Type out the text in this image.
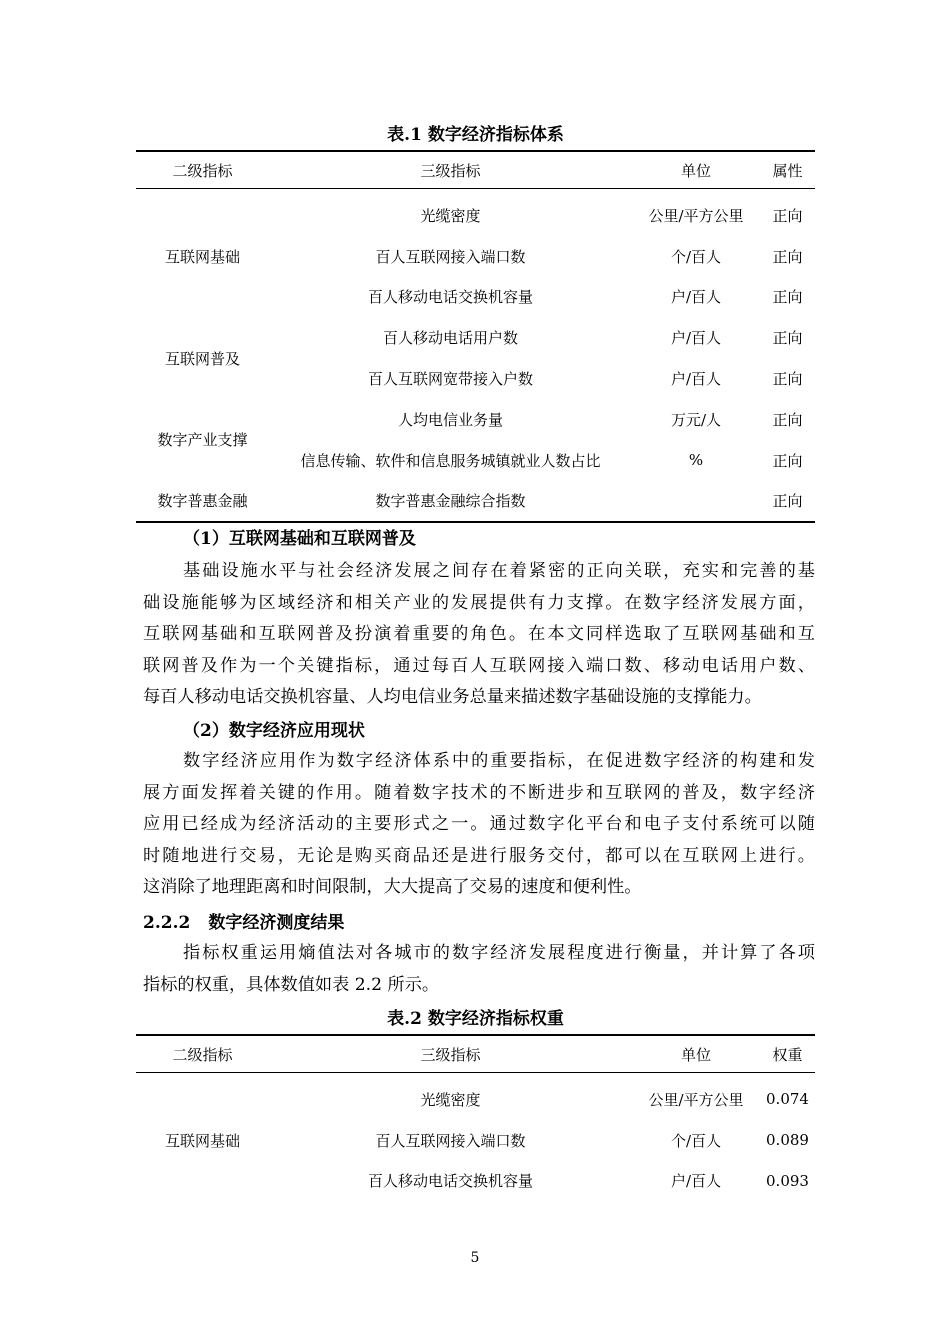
表.1 数字经济指标体系
二级指标	三级指标	单位	属性
互联网基础	光缆密度	公里/平方公里	正向
	百人互联网接入端口数	个/百人	正向
	百人移动电话交换机容量	户/百人	正向
互联网普及	百人移动电话用户数	户/百人	正向
	百人互联网宽带接入户数	户/百人	正向
数字产业支撑	人均电信业务量	万元/人	正向
	信息传输、软件和信息服务城镇就业人数占比	%	正向
数字普惠金融	数字普惠金融综合指数		正向
（1）互联网基础和互联网普及
基础设施水平与社会经济发展之间存在着紧密的正向关联，充实和完善的基
础设施能够为区域经济和相关产业的发展提供有力支撑。在数字经济发展方面，
互联网基础和互联网普及扮演着重要的角色。在本文同样选取了互联网基础和互
联网普及作为一个关键指标，通过每百人互联网接入端口数、移动电话用户数、
每百人移动电话交换机容量、人均电信业务总量来描述数字基础设施的支撑能力。
（2）数字经济应用现状
数字经济应用作为数字经济体系中的重要指标，在促进数字经济的构建和发
展方面发挥着关键的作用。随着数字技术的不断进步和互联网的普及，数字经济
应用已经成为经济活动的主要形式之一。通过数字化平台和电子支付系统可以随
时随地进行交易，无论是购买商品还是进行服务交付，都可以在互联网上进行。
这消除了地理距离和时间限制，大大提高了交易的速度和便利性。
2.2.2 数字经济测度结果
指标权重运用熵值法对各城市的数字经济发展程度进行衡量，并计算了各项
指标的权重，具体数值如表 2.2 所示。
表.2 数字经济指标权重
二级指标	三级指标	单位	权重
互联网基础	光缆密度	公里/平方公里	0.074
	百人互联网接入端口数	个/百人	0.089
	百人移动电话交换机容量	户/百人	0.093
5
